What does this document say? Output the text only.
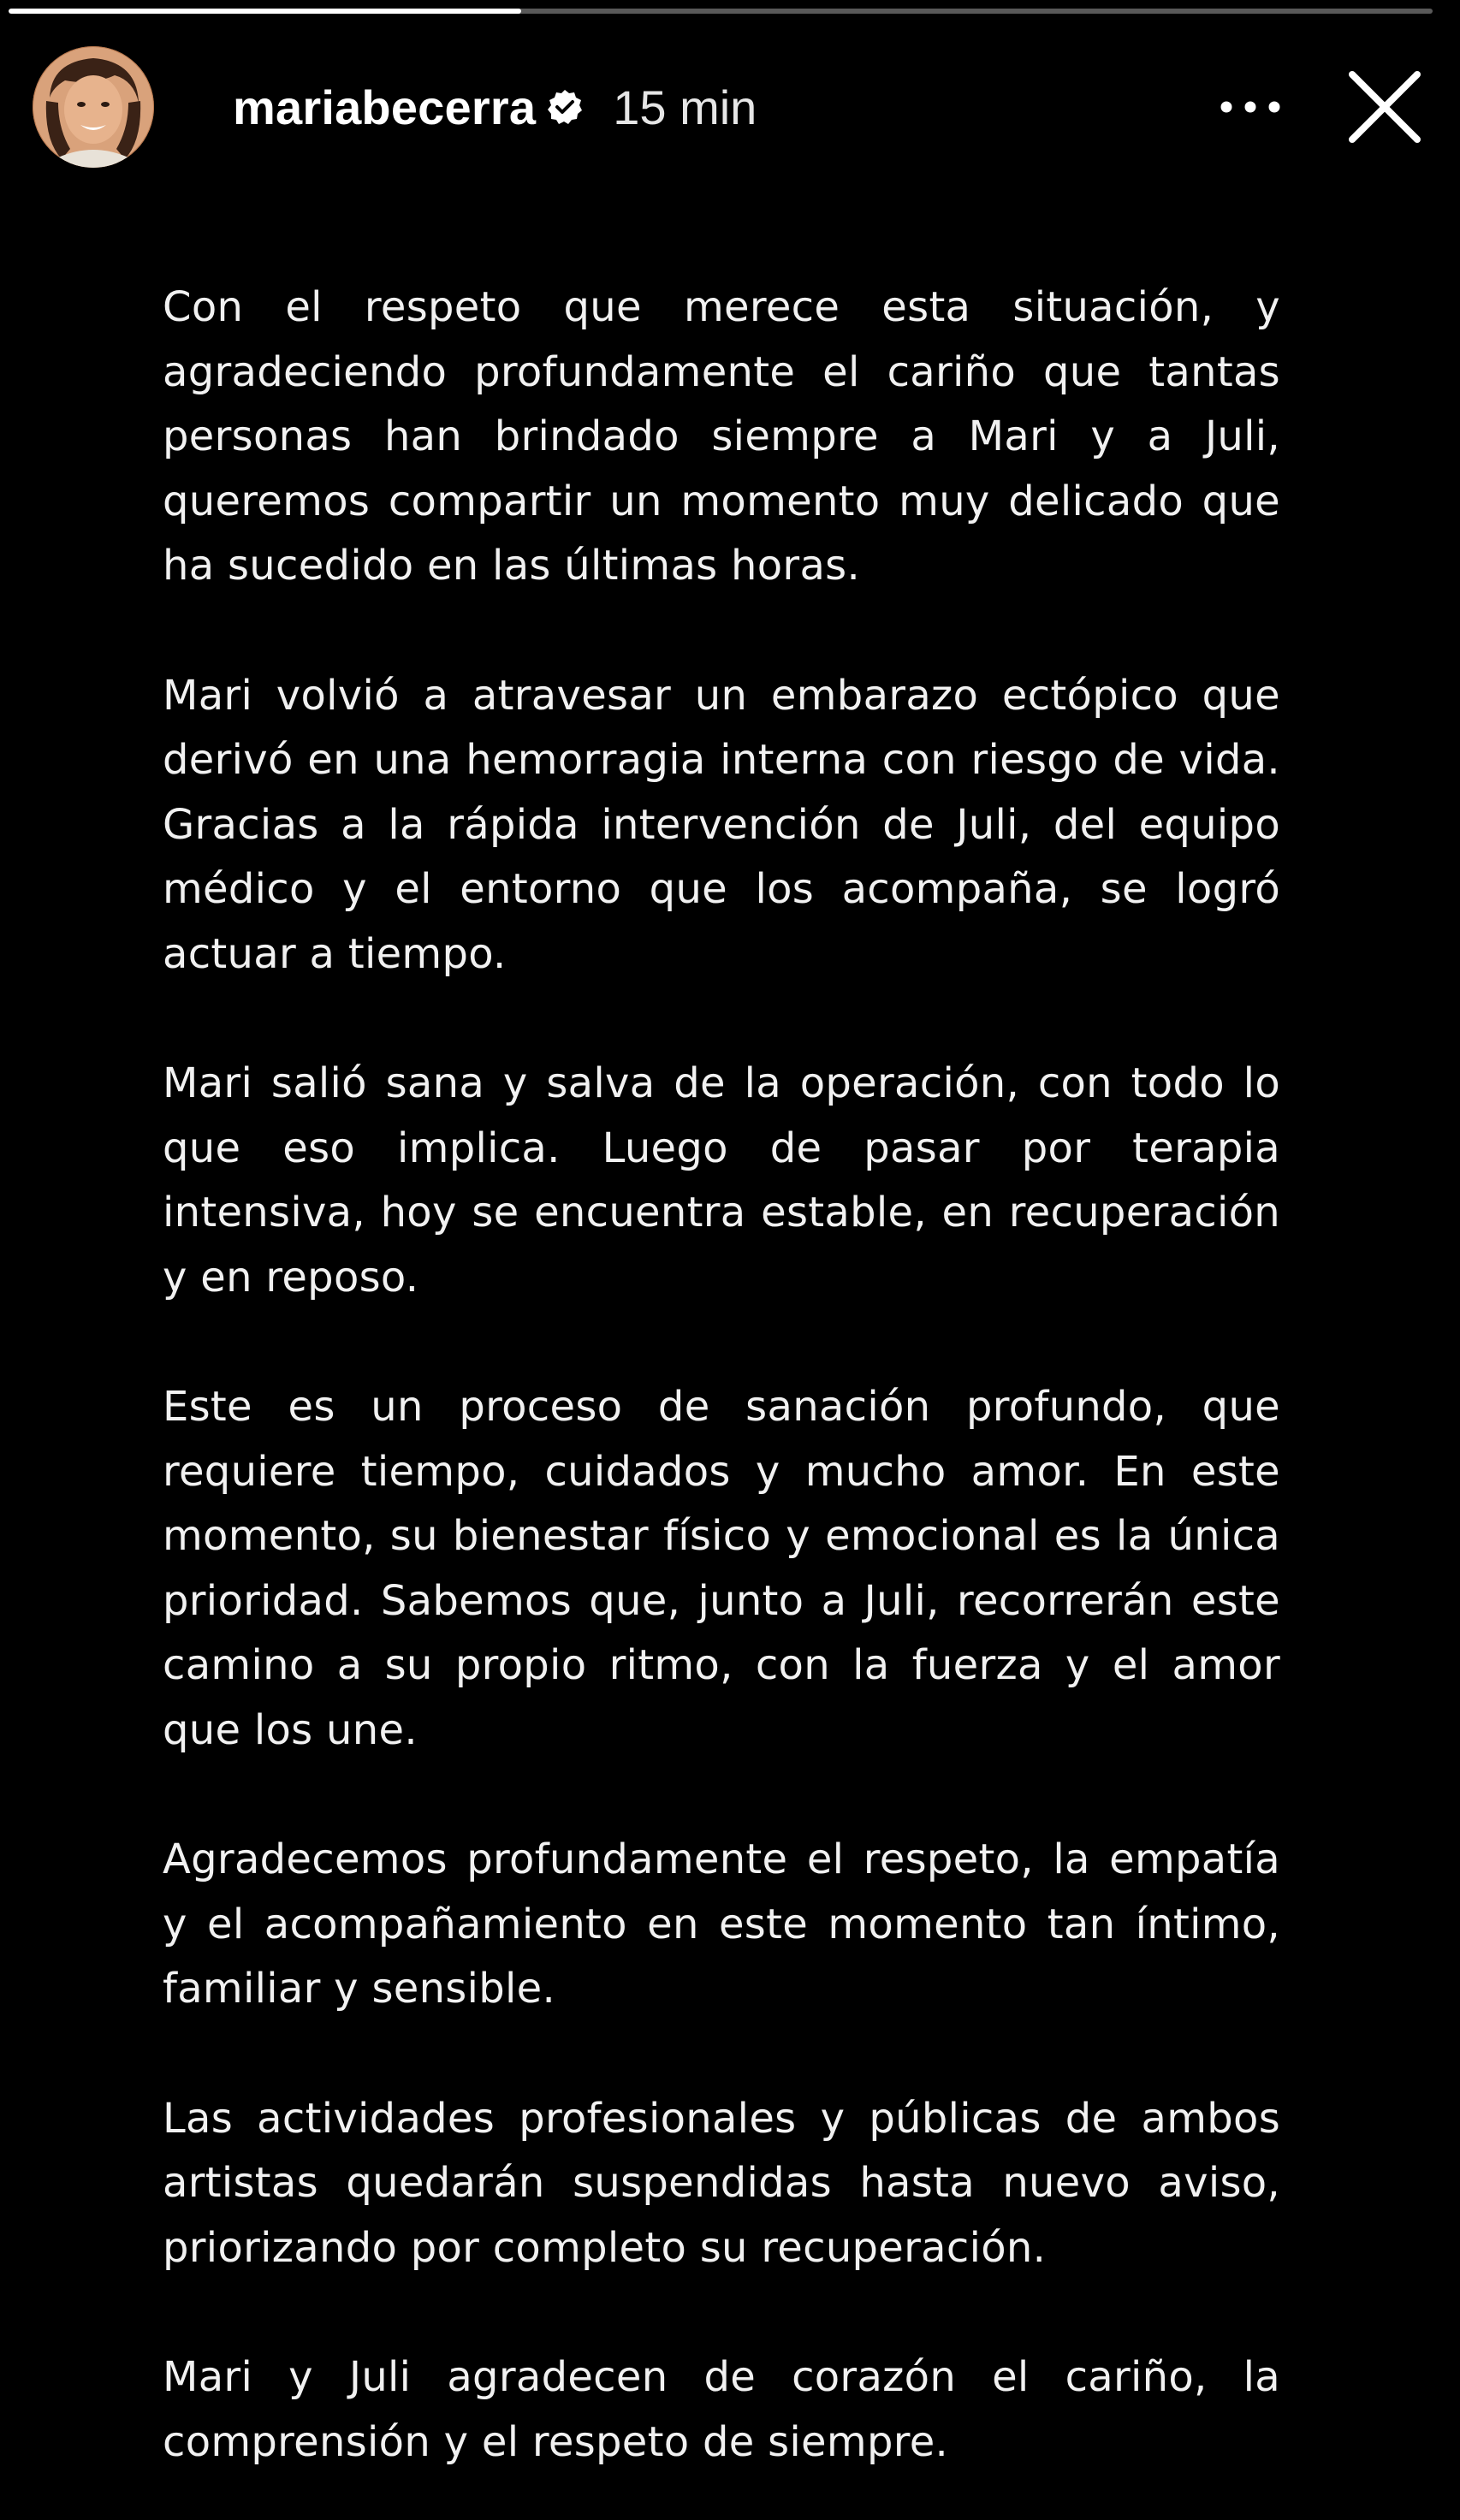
mariabecerra 15 min

Con el respeto que merece esta situación, y agradeciendo profundamente el cariño que tantas personas han brindado siempre a Mari y a Juli, queremos compartir un momento muy delicado que ha sucedido en las últimas horas.

Mari volvió a atravesar un embarazo ectópico que derivó en una hemorragia interna con riesgo de vida. Gracias a la rápida intervención de Juli, del equipo médico y el entorno que los acompaña, se logró actuar a tiempo.

Mari salió sana y salva de la operación, con todo lo que eso implica. Luego de pasar por terapia intensiva, hoy se encuentra estable, en recuperación y en reposo.

Este es un proceso de sanación profundo, que requiere tiempo, cuidados y mucho amor. En este momento, su bienestar físico y emocional es la única prioridad. Sabemos que, junto a Juli, recorrerán este camino a su propio ritmo, con la fuerza y el amor que los une.

Agradecemos profundamente el respeto, la empatía y el acompañamiento en este momento tan íntimo, familiar y sensible.

Las actividades profesionales y públicas de ambos artistas quedarán suspendidas hasta nuevo aviso, priorizando por completo su recuperación.

Mari y Juli agradecen de corazón el cariño, la comprensión y el respeto de siempre.
